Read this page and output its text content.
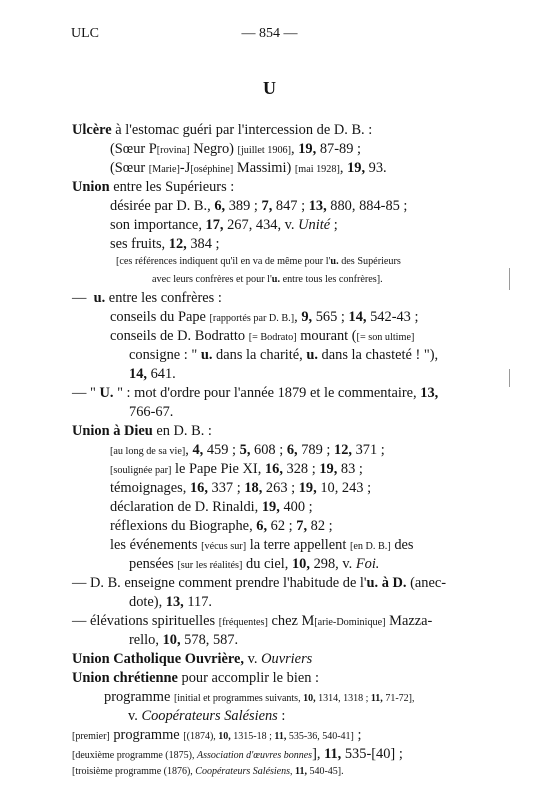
ULC	— 854 —
U
Ulcère à l'estomac guéri par l'intercession de D. B. :
(Sœur P[rovina] Negro) [juillet 1906], 19, 87-89 ;
(Sœur [Marie]-J[oséphine] Massimi) [mai 1928], 19, 93.
Union entre les Supérieurs :
désirée par D. B., 6, 389 ; 7, 847 ; 13, 880, 884-85 ;
son importance, 17, 267, 434, v. Unité ;
ses fruits, 12, 384 ;
[ces références indiquent qu'il en va de même pour l'u. des Supérieurs
avec leurs confrères et pour l'u. entre tous les confrères].
— u. entre les confrères :
conseils du Pape [rapportés par D. B.], 9, 565 ; 14, 542-43 ;
conseils de D. Bodratto [= Bodrato] mourant ([= son ultime]
consigne : " u. dans la charité, u. dans la chasteté ! "),
14, 641.
— " U. " : mot d'ordre pour l'année 1879 et le commentaire, 13,
766-67.
Union à Dieu en D. B. :
[au long de sa vie], 4, 459 ; 5, 608 ; 6, 789 ; 12, 371 ;
[soulignée par] le Pape Pie XI, 16, 328 ; 19, 83 ;
témoignages, 16, 337 ; 18, 263 ; 19, 10, 243 ;
déclaration de D. Rinaldi, 19, 400 ;
réflexions du Biographe, 6, 62 ; 7, 82 ;
les événements [vécus sur] la terre appellent [en D. B.] des
pensées [sur les réalités] du ciel, 10, 298, v. Foi.
— D. B. enseigne comment prendre l'habitude de l'u. à D. (anec-
dote), 13, 117.
— élévations spirituelles [fréquentes] chez M[arie-Dominique] Mazza-
rello, 10, 578, 587.
Union Catholique Ouvrière, v. Ouvriers
Union chrétienne pour accomplir le bien :
programme [initial et programmes suivants, 10, 1314, 1318 ; 11, 71-72],
v. Coopérateurs Salésiens :
[premier] programme [(1874), 10, 1315-18 ; 11, 535-36, 540-41] ;
[deuxième programme (1875), Association d'œuvres bonnes], 11, 535-[40] ;
[troisième programme (1876), Coopérateurs Salésiens, 11, 540-45].
